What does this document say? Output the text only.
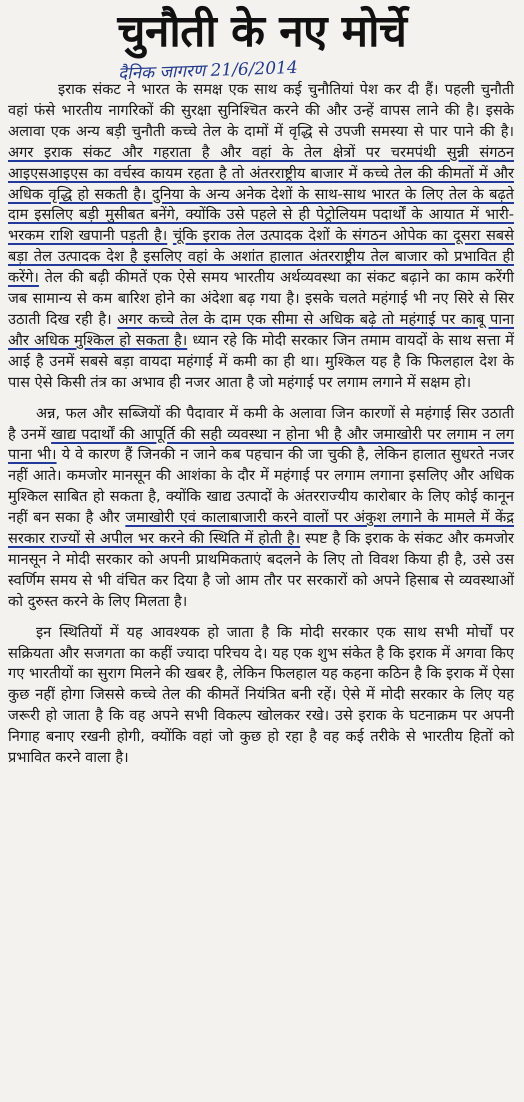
चुनौती के नए मोर्चे
दैनिक जागरण 21/6/2014

इराक संकट ने भारत के समक्ष एक साथ कई चुनौतियां पेश कर दी हैं। पहली चुनौती वहां फंसे भारतीय नागरिकों की सुरक्षा सुनिश्चित करने की और उन्हें वापस लाने की है। इसके अलावा एक अन्य बड़ी चुनौती कच्चे तेल के दामों में वृद्धि से उपजी समस्या से पार पाने की है। अगर इराक संकट और गहराता है और वहां के तेल क्षेत्रों पर चरमपंथी सुन्नी संगठन आइएसआइएस का वर्चस्व कायम रहता है तो अंतरराष्ट्रीय बाजार में कच्चे तेल की कीमतों में और अधिक वृद्धि हो सकती है। दुनिया के अन्य अनेक देशों के साथ-साथ भारत के लिए तेल के बढ़ते दाम इसलिए बड़ी मुसीबत बनेंगे, क्योंकि उसे पहले से ही पेट्रोलियम पदार्थों के आयात में भारी-भरकम राशि खपानी पड़ती है। चूंकि इराक तेल उत्पादक देशों के संगठन ओपेक का दूसरा सबसे बड़ा तेल उत्पादक देश है इसलिए वहां के अशांत हालात अंतरराष्ट्रीय तेल बाजार को प्रभावित ही करेंगे। तेल की बढ़ी कीमतें एक ऐसे समय भारतीय अर्थव्यवस्था का संकट बढ़ाने का काम करेंगी जब सामान्य से कम बारिश होने का अंदेशा बढ़ गया है। इसके चलते महंगाई भी नए सिरे से सिर उठाती दिख रही है। अगर कच्चे तेल के दाम एक सीमा से अधिक बढ़े तो महंगाई पर काबू पाना और अधिक मुश्किल हो सकता है। ध्यान रहे कि मोदी सरकार जिन तमाम वायदों के साथ सत्ता में आई है उनमें सबसे बड़ा वायदा महंगाई में कमी का ही था। मुश्किल यह है कि फिलहाल देश के पास ऐसे किसी तंत्र का अभाव ही नजर आता है जो महंगाई पर लगाम लगाने में सक्षम हो।

अन्न, फल और सब्जियों की पैदावार में कमी के अलावा जिन कारणों से महंगाई सिर उठाती है उनमें खाद्य पदार्थों की आपूर्ति की सही व्यवस्था न होना भी है और जमाखोरी पर लगाम न लग पाना भी। ये वे कारण हैं जिनकी न जाने कब पहचान की जा चुकी है, लेकिन हालात सुधरते नजर नहीं आते। कमजोर मानसून की आशंका के दौर में महंगाई पर लगाम लगाना इसलिए और अधिक मुश्किल साबित हो सकता है, क्योंकि खाद्य उत्पादों के अंतरराज्यीय कारोबार के लिए कोई कानून नहीं बन सका है और जमाखोरी एवं कालाबाजारी करने वालों पर अंकुश लगाने के मामले में केंद्र सरकार राज्यों से अपील भर करने की स्थिति में होती है। स्पष्ट है कि इराक के संकट और कमजोर मानसून ने मोदी सरकार को अपनी प्राथमिकताएं बदलने के लिए तो विवश किया ही है, उसे उस स्वर्णिम समय से भी वंचित कर दिया है जो आम तौर पर सरकारों को अपने हिसाब से व्यवस्थाओं को दुरुस्त करने के लिए मिलता है।

इन स्थितियों में यह आवश्यक हो जाता है कि मोदी सरकार एक साथ सभी मोर्चों पर सक्रियता और सजगता का कहीं ज्यादा परिचय दे। यह एक शुभ संकेत है कि इराक में अगवा किए गए भारतीयों का सुराग मिलने की खबर है, लेकिन फिलहाल यह कहना कठिन है कि इराक में ऐसा कुछ नहीं होगा जिससे कच्चे तेल की कीमतें नियंत्रित बनी रहें। ऐसे में मोदी सरकार के लिए यह जरूरी हो जाता है कि वह अपने सभी विकल्प खोलकर रखे। उसे इराक के घटनाक्रम पर अपनी निगाह बनाए रखनी होगी, क्योंकि वहां जो कुछ हो रहा है वह कई तरीके से भारतीय हितों को प्रभावित करने वाला है।
